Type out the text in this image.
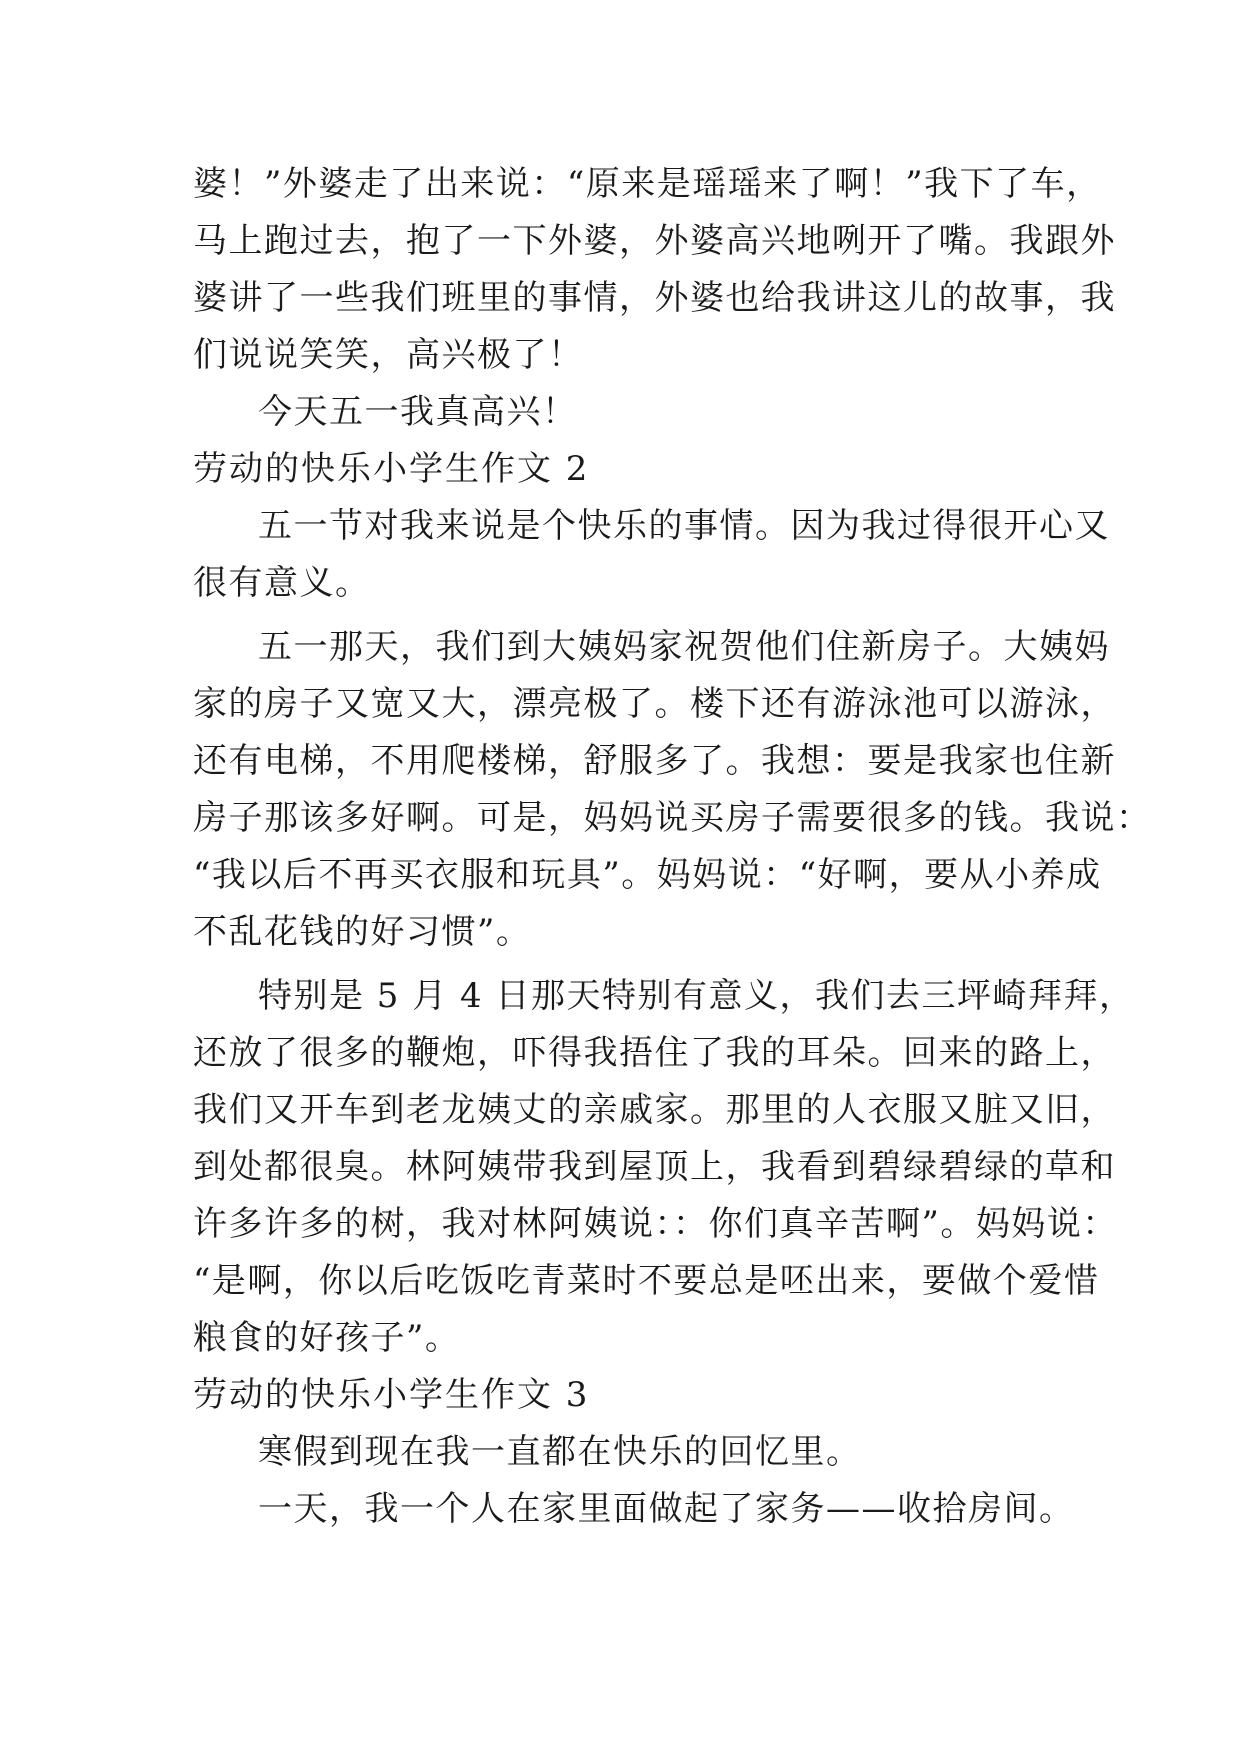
婆！”外婆走了出来说：“原来是瑶瑶来了啊！”我下了车，
马上跑过去，抱了一下外婆，外婆高兴地咧开了嘴。我跟外
婆讲了一些我们班里的事情，外婆也给我讲这儿的故事，我
们说说笑笑，高兴极了！
今天五一我真高兴！
劳动的快乐小学生作文 2
五一节对我来说是个快乐的事情。因为我过得很开心又
很有意义。
五一那天，我们到大姨妈家祝贺他们住新房子。大姨妈
家的房子又宽又大，漂亮极了。楼下还有游泳池可以游泳，
还有电梯，不用爬楼梯，舒服多了。我想：要是我家也住新
房子那该多好啊。可是，妈妈说买房子需要很多的钱。我说：
“我以后不再买衣服和玩具”。妈妈说：“好啊，要从小养成
不乱花钱的好习惯”。
特别是 5 月 4 日那天特别有意义，我们去三坪崎拜拜，
还放了很多的鞭炮，吓得我捂住了我的耳朵。回来的路上，
我们又开车到老龙姨丈的亲戚家。那里的人衣服又脏又旧，
到处都很臭。林阿姨带我到屋顶上，我看到碧绿碧绿的草和
许多许多的树，我对林阿姨说：：你们真辛苦啊”。妈妈说：
“是啊，你以后吃饭吃青菜时不要总是呸出来，要做个爱惜
粮食的好孩子”。
劳动的快乐小学生作文 3
寒假到现在我一直都在快乐的回忆里。
一天，我一个人在家里面做起了家务——收拾房间。
